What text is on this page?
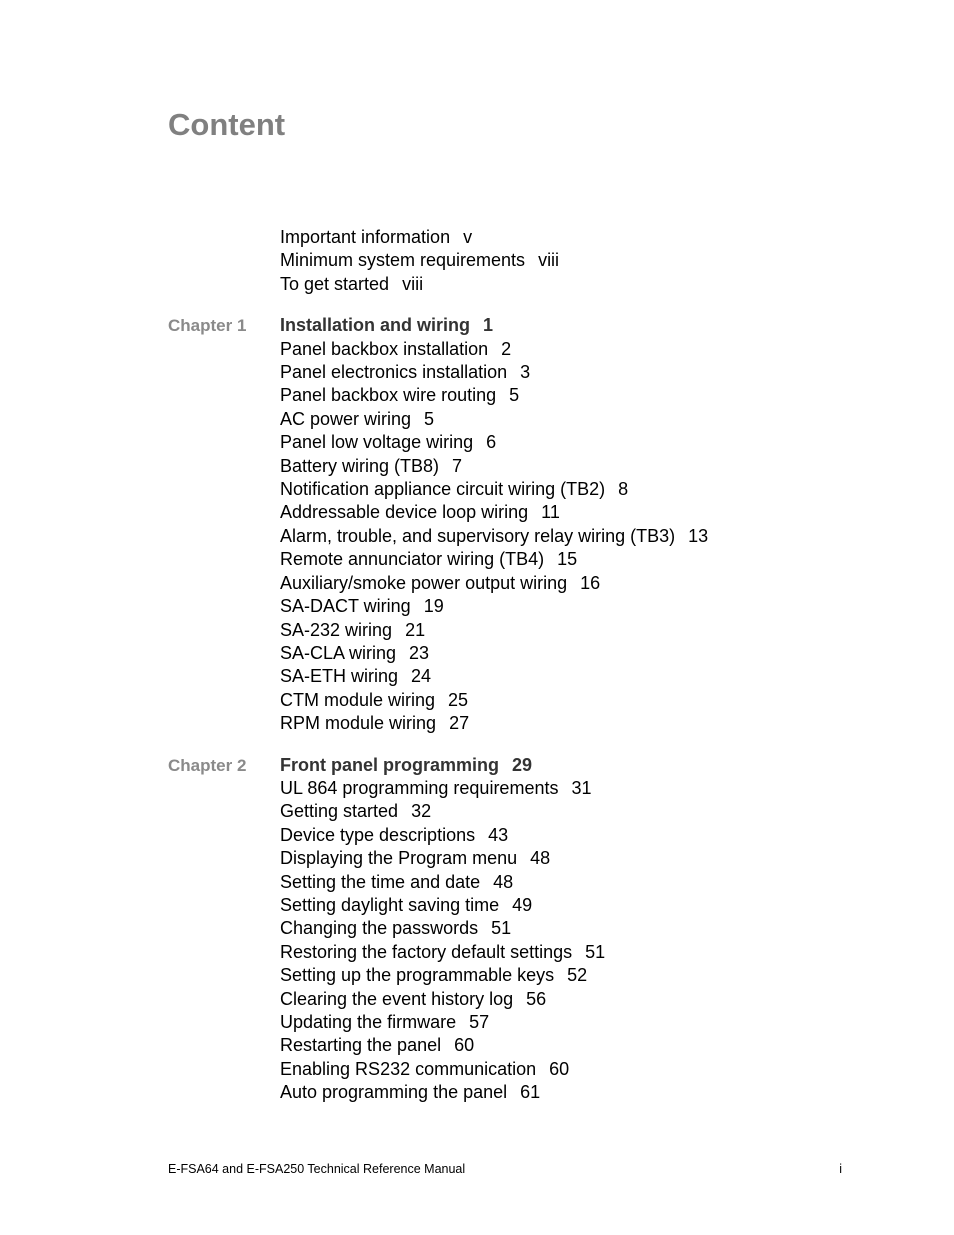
Content
Important information v
Minimum system requirements viii
To get started viii
Chapter 1 Installation and wiring 1
Panel backbox installation 2
Panel electronics installation 3
Panel backbox wire routing 5
AC power wiring 5
Panel low voltage wiring 6
Battery wiring (TB8) 7
Notification appliance circuit wiring (TB2) 8
Addressable device loop wiring 11
Alarm, trouble, and supervisory relay wiring (TB3) 13
Remote annunciator wiring (TB4) 15
Auxiliary/smoke power output wiring 16
SA-DACT wiring 19
SA-232 wiring 21
SA-CLA wiring 23
SA-ETH wiring 24
CTM module wiring 25
RPM module wiring 27
Chapter 2 Front panel programming 29
UL 864 programming requirements 31
Getting started 32
Device type descriptions 43
Displaying the Program menu 48
Setting the time and date 48
Setting daylight saving time 49
Changing the passwords 51
Restoring the factory default settings 51
Setting up the programmable keys 52
Clearing the event history log 56
Updating the firmware 57
Restarting the panel 60
Enabling RS232 communication 60
Auto programming the panel 61
E-FSA64 and E-FSA250 Technical Reference Manual	i
